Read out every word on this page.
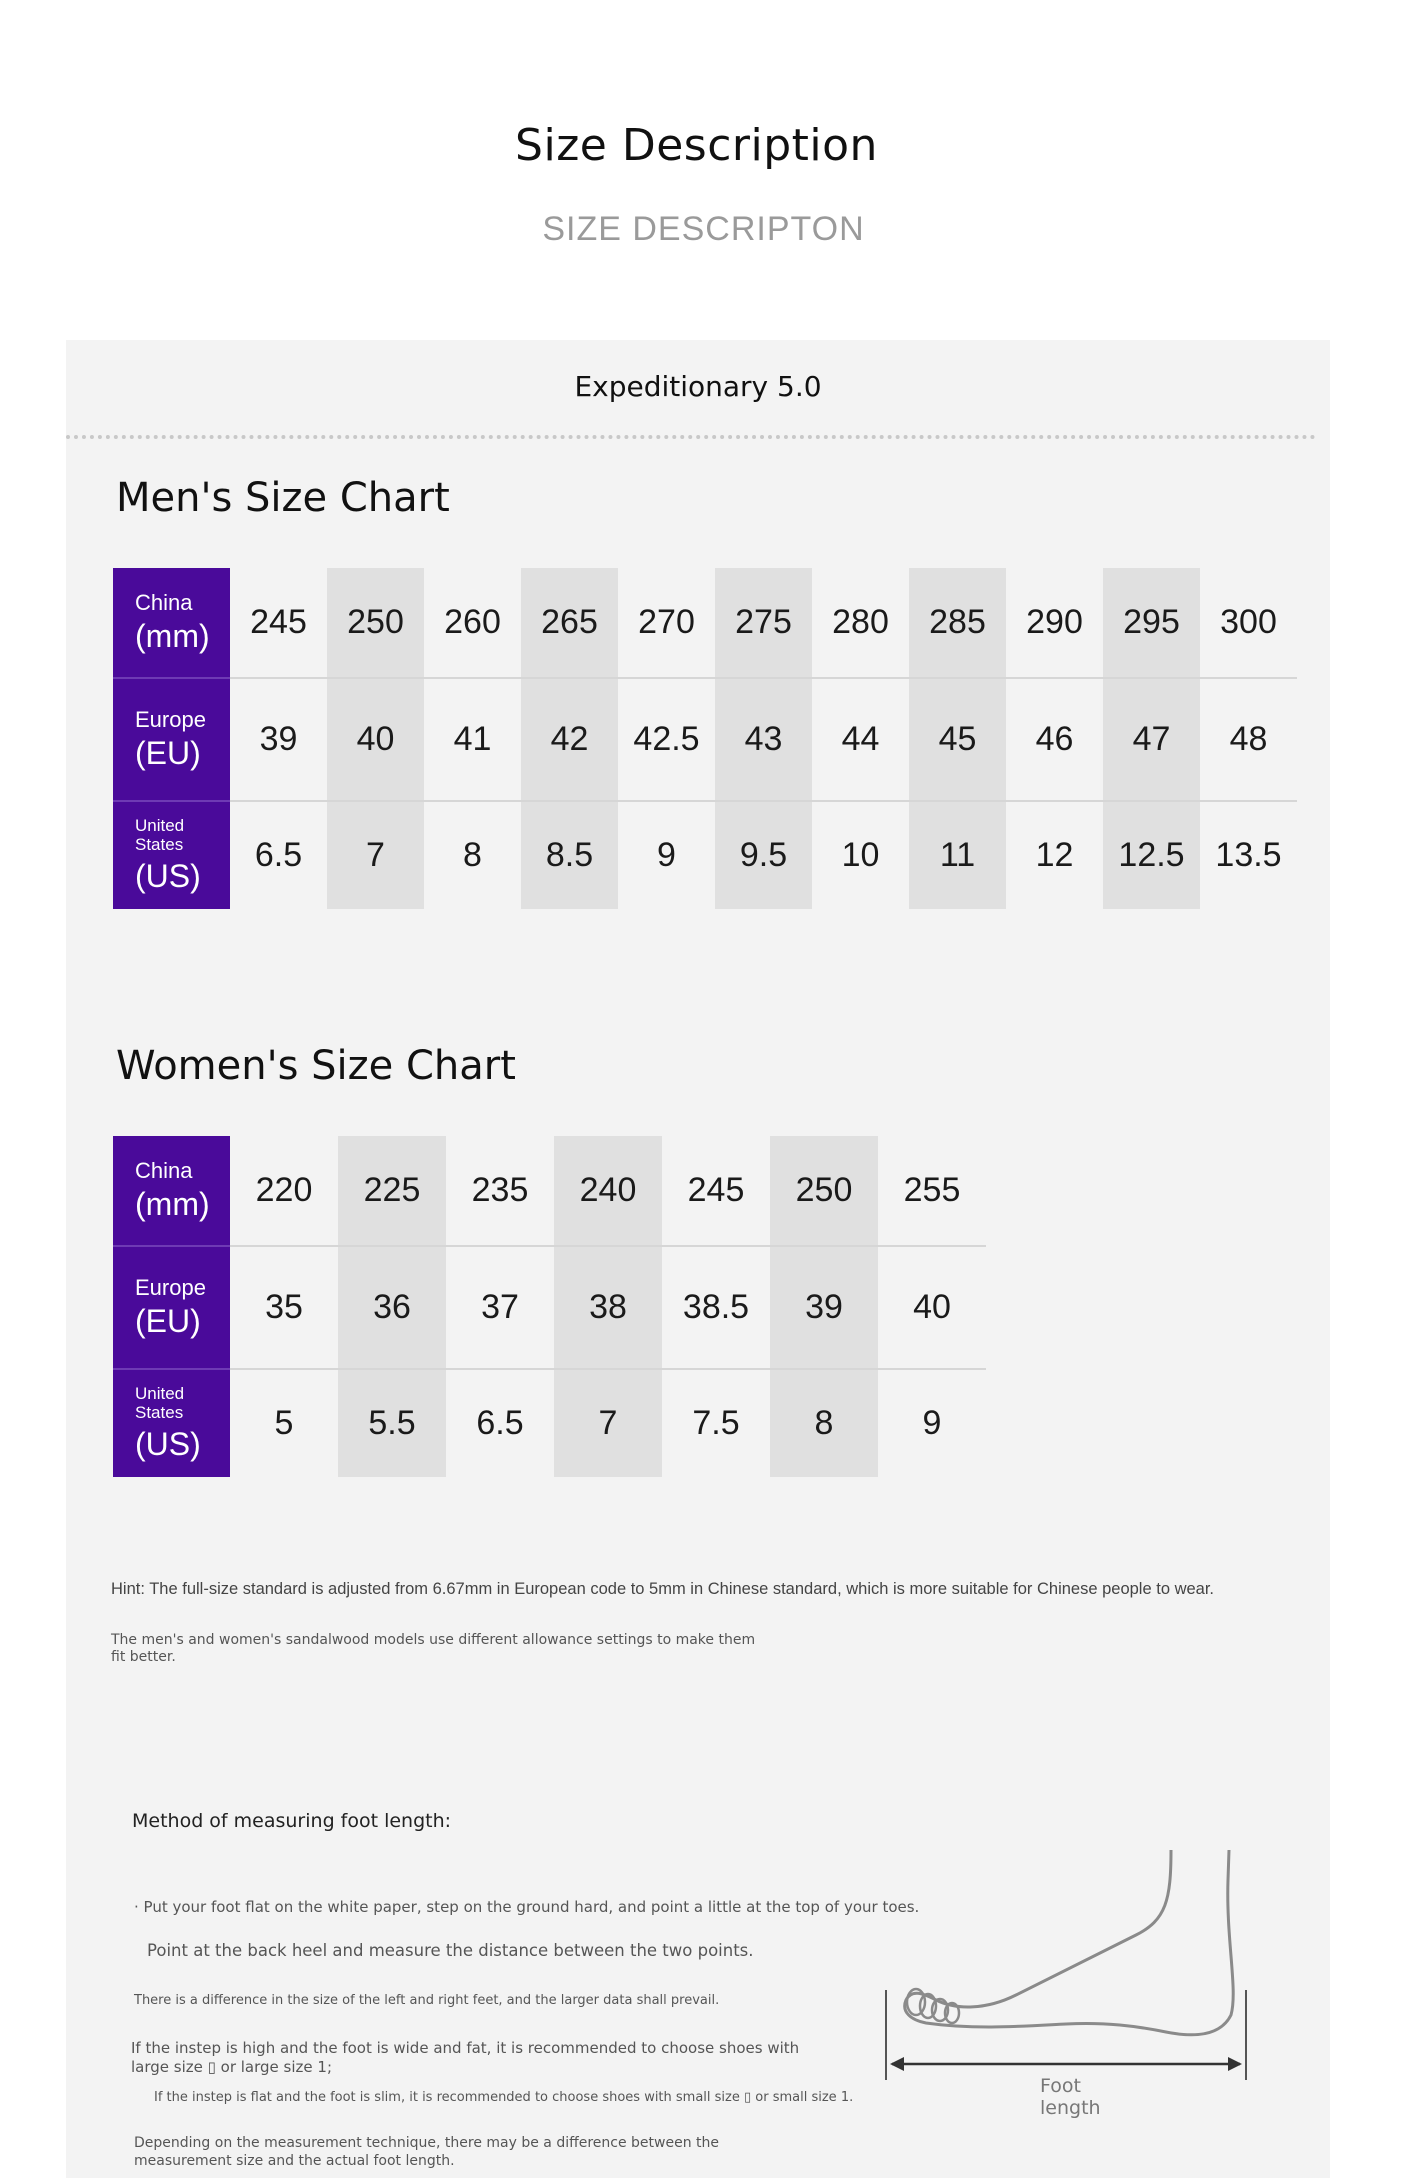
Size Description
SIZE DESCRIPTON
Expeditionary 5.0
Men's Size Chart
China
(mm)	245	250	260	265	270	275	280	285	290	295	300

Europe
(EU)	39	40	41	42	42.5	43	44	45	46	47	48

United States
(US)	6.5	7	8	8.5	9	9.5	10	11	12	12.5	13.5
Women's Size Chart
China
(mm)	220	225	235	240	245	250	255

Europe
(EU)	35	36	37	38	38.5	39	40

United States
(US)	5	5.5	6.5	7	7.5	8	9
Hint: The full-size standard is adjusted from 6.67mm in European code to 5mm in Chinese standard, which is more suitable for Chinese people to wear.
The men's and women's sandalwood models use different allowance settings to make them fit better.
Method of measuring foot length:
· Put your foot flat on the white paper, step on the ground hard, and point a little at the top of your toes.
Point at the back heel and measure the distance between the two points.
There is a difference in the size of the left and right feet, and the larger data shall prevail.
If the instep is high and the foot is wide and fat, it is recommended to choose shoes with large size ▯ or large size 1;
If the instep is flat and the foot is slim, it is recommended to choose shoes with small size ▯ or small size 1.
Depending on the measurement technique, there may be a difference between the measurement size and the actual foot length.
Foot length
